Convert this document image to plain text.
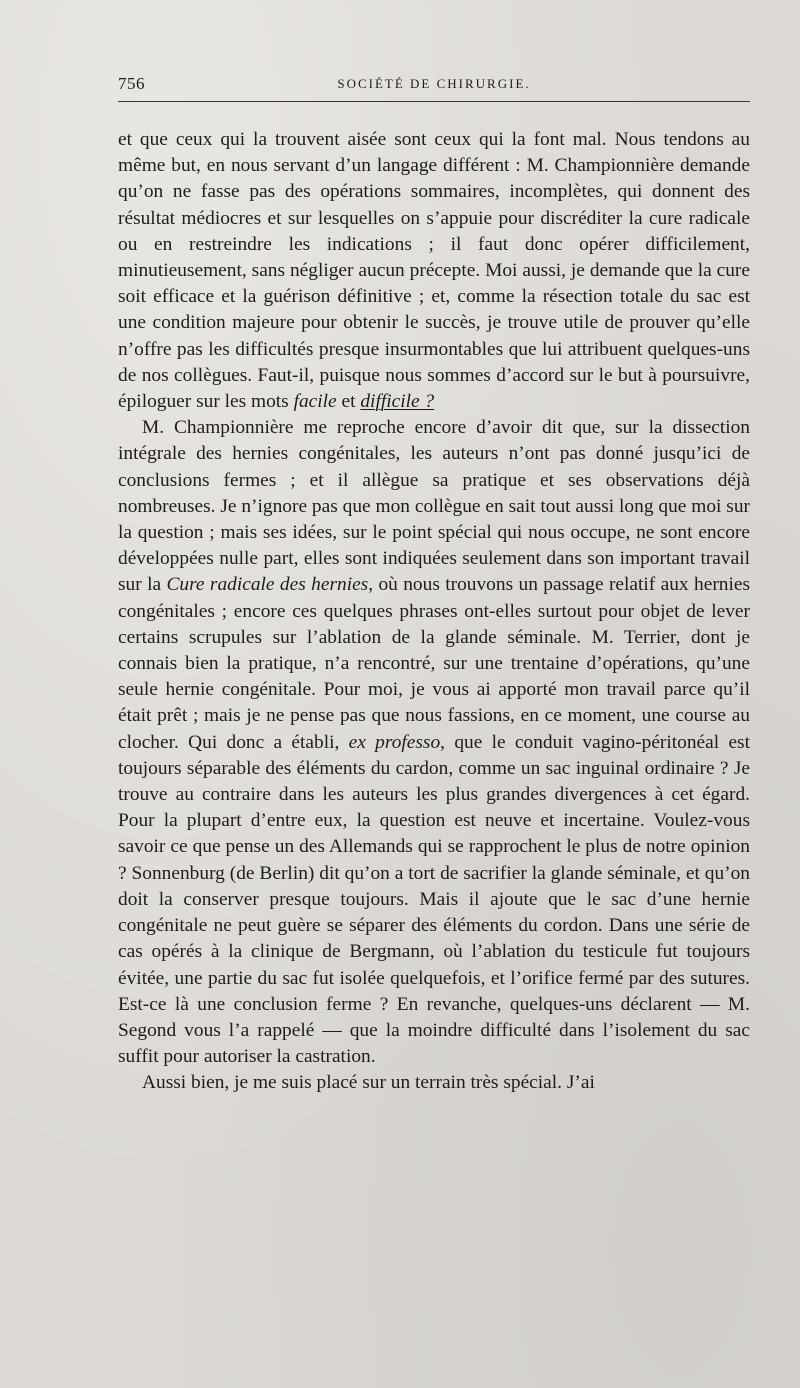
756	SOCIÉTÉ DE CHIRURGIE.

et que ceux qui la trouvent aisée sont ceux qui la font mal. Nous tendons au même but, en nous servant d’un langage différent : M. Championnière demande qu’on ne fasse pas des opérations sommaires, incomplètes, qui donnent des résultat médiocres et sur lesquelles on s’appuie pour discréditer la cure radicale ou en restreindre les indications ; il faut donc opérer difficilement, minutieusement, sans négliger aucun précepte. Moi aussi, je demande que la cure soit efficace et la guérison définitive ; et, comme la résection totale du sac est une condition majeure pour obtenir le succès, je trouve utile de prouver qu’elle n’offre pas les difficultés presque insurmontables que lui attribuent quelques-uns de nos collègues. Faut-il, puisque nous sommes d’accord sur le but à poursuivre, épiloguer sur les mots facile et difficile ?

M. Championnière me reproche encore d’avoir dit que, sur la dissection intégrale des hernies congénitales, les auteurs n’ont pas donné jusqu’ici de conclusions fermes ; et il allègue sa pratique et ses observations déjà nombreuses. Je n’ignore pas que mon collègue en sait tout aussi long que moi sur la question ; mais ses idées, sur le point spécial qui nous occupe, ne sont encore développées nulle part, elles sont indiquées seulement dans son important travail sur la Cure radicale des hernies, où nous trouvons un passage relatif aux hernies congénitales ; encore ces quelques phrases ont-elles surtout pour objet de lever certains scrupules sur l’ablation de la glande séminale. M. Terrier, dont je connais bien la pratique, n’a rencontré, sur une trentaine d’opérations, qu’une seule hernie congénitale. Pour moi, je vous ai apporté mon travail parce qu’il était prêt ; mais je ne pense pas que nous fassions, en ce moment, une course au clocher. Qui donc a établi, ex professo, que le conduit vagino-péritonéal est toujours séparable des éléments du cardon, comme un sac inguinal ordinaire ? Je trouve au contraire dans les auteurs les plus grandes divergences à cet égard. Pour la plupart d’entre eux, la question est neuve et incertaine. Voulez-vous savoir ce que pense un des Allemands qui se rapprochent le plus de notre opinion ? Sonnenburg (de Berlin) dit qu’on a tort de sacrifier la glande séminale, et qu’on doit la conserver presque toujours. Mais il ajoute que le sac d’une hernie congénitale ne peut guère se séparer des éléments du cordon. Dans une série de cas opérés à la clinique de Bergmann, où l’ablation du testicule fut toujours évitée, une partie du sac fut isolée quelquefois, et l’orifice fermé par des sutures. Est-ce là une conclusion ferme ? En revanche, quelques-uns déclarent — M. Segond vous l’a rappelé — que la moindre difficulté dans l’isolement du sac suffit pour autoriser la castration.

Aussi bien, je me suis placé sur un terrain très spécial. J’ai
